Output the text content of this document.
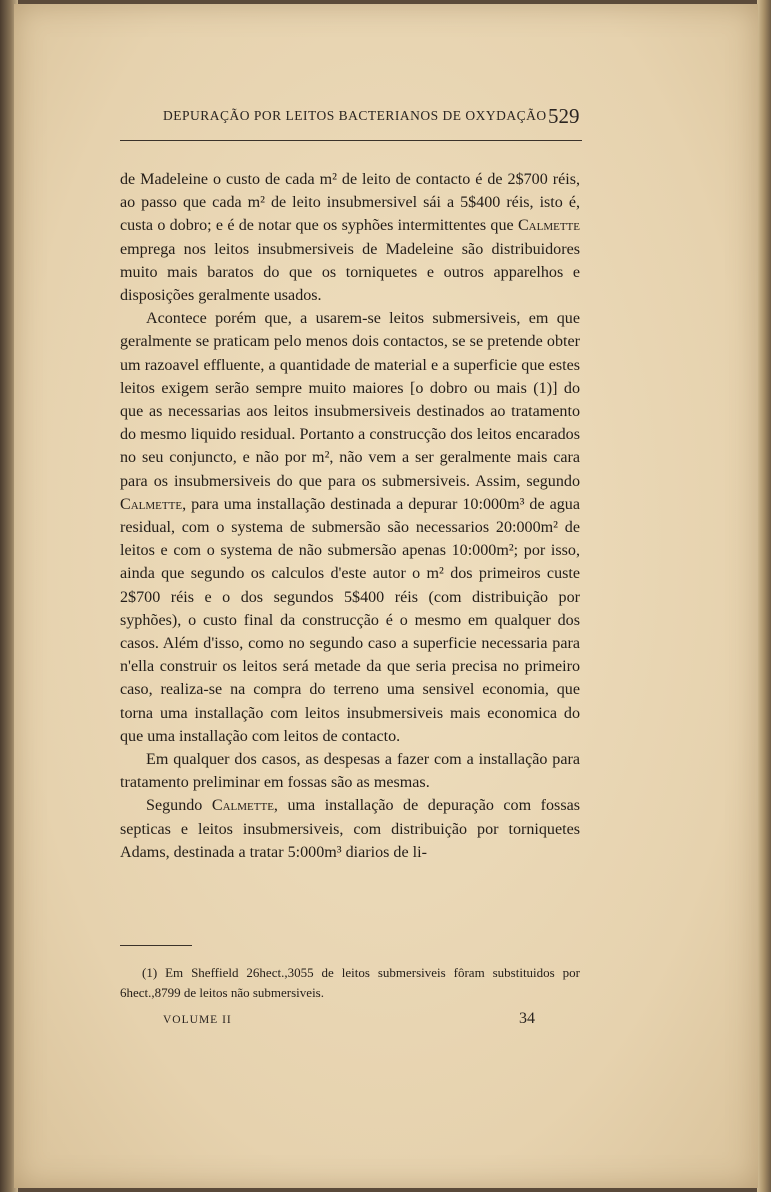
DEPURAÇÃO POR LEITOS BACTERIANOS DE OXYDAÇÃO 529

de Madeleine o custo de cada m² de leito de contacto é de 2$700 réis, ao passo que cada m² de leito insubmersivel sái a 5$400 réis, isto é, custa o dobro; e é de notar que os syphões intermittentes que Calmette emprega nos leitos insubmersiveis de Madeleine são distribuidores muito mais baratos do que os torniquetes e outros apparelhos e disposições geralmente usados.

Acontece porém que, a usarem-se leitos submersiveis, em que geralmente se praticam pelo menos dois contactos, se se pretende obter um razoavel effluente, a quantidade de material e a superficie que estes leitos exigem serão sempre muito maiores [o dobro ou mais (1)] do que as necessarias aos leitos insubmersiveis destinados ao tratamento do mesmo liquido residual. Portanto a construcção dos leitos encarados no seu conjuncto, e não por m², não vem a ser geralmente mais cara para os insubmersiveis do que para os submersiveis. Assim, segundo Calmette, para uma installação destinada a depurar 10:000m³ de agua residual, com o systema de submersão são necessarios 20:000m² de leitos e com o systema de não submersão apenas 10:000m²; por isso, ainda que segundo os calculos d'este autor o m² dos primeiros custe 2$700 réis e o dos segundos 5$400 réis (com distribuição por syphões), o custo final da construcção é o mesmo em qualquer dos casos. Além d'isso, como no segundo caso a superficie necessaria para n'ella construir os leitos será metade da que seria precisa no primeiro caso, realiza-se na compra do terreno uma sensivel economia, que torna uma installação com leitos insubmersiveis mais economica do que uma installação com leitos de contacto.

Em qualquer dos casos, as despesas a fazer com a installação para tratamento preliminar em fossas são as mesmas.

Segundo Calmette, uma installação de depuração com fossas septicas e leitos insubmersiveis, com distribuição por torniquetes Adams, destinada a tratar 5:000m³ diarios de li-

(1) Em Sheffield 26hect.,3055 de leitos submersiveis fôram substituidos por 6hect.,8799 de leitos não submersiveis.
VOLUME II	34
